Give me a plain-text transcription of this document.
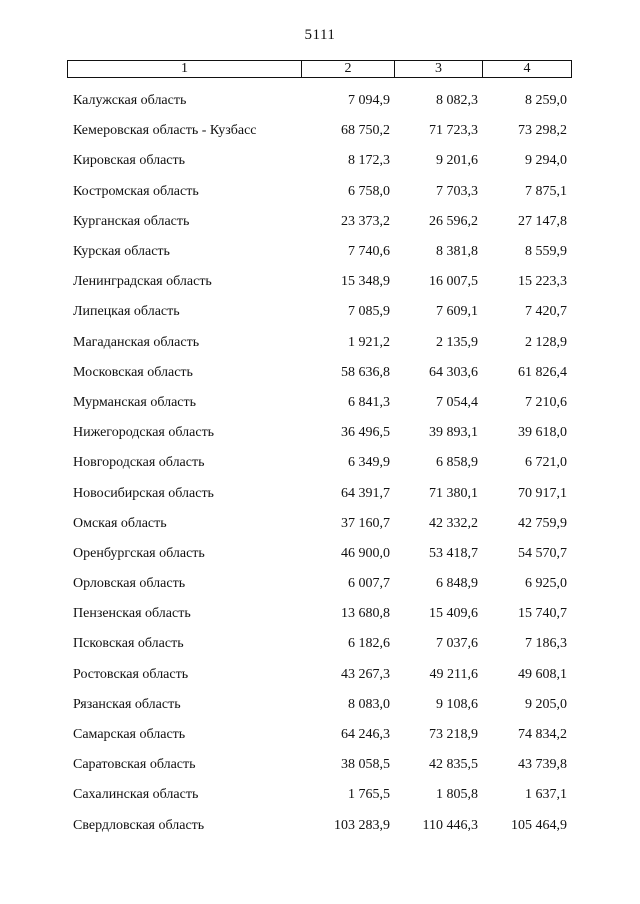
5111
1	2	3	4
Калужская область	7 094,9	8 082,3	8 259,0
Кемеровская область - Кузбасс	68 750,2	71 723,3	73 298,2
Кировская область	8 172,3	9 201,6	9 294,0
Костромская область	6 758,0	7 703,3	7 875,1
Курганская область	23 373,2	26 596,2	27 147,8
Курская область	7 740,6	8 381,8	8 559,9
Ленинградская область	15 348,9	16 007,5	15 223,3
Липецкая область	7 085,9	7 609,1	7 420,7
Магаданская область	1 921,2	2 135,9	2 128,9
Московская область	58 636,8	64 303,6	61 826,4
Мурманская область	6 841,3	7 054,4	7 210,6
Нижегородская область	36 496,5	39 893,1	39 618,0
Новгородская область	6 349,9	6 858,9	6 721,0
Новосибирская область	64 391,7	71 380,1	70 917,1
Омская область	37 160,7	42 332,2	42 759,9
Оренбургская область	46 900,0	53 418,7	54 570,7
Орловская область	6 007,7	6 848,9	6 925,0
Пензенская область	13 680,8	15 409,6	15 740,7
Псковская область	6 182,6	7 037,6	7 186,3
Ростовская область	43 267,3	49 211,6	49 608,1
Рязанская область	8 083,0	9 108,6	9 205,0
Самарская область	64 246,3	73 218,9	74 834,2
Саратовская область	38 058,5	42 835,5	43 739,8
Сахалинская область	1 765,5	1 805,8	1 637,1
Свердловская область	103 283,9	110 446,3	105 464,9
